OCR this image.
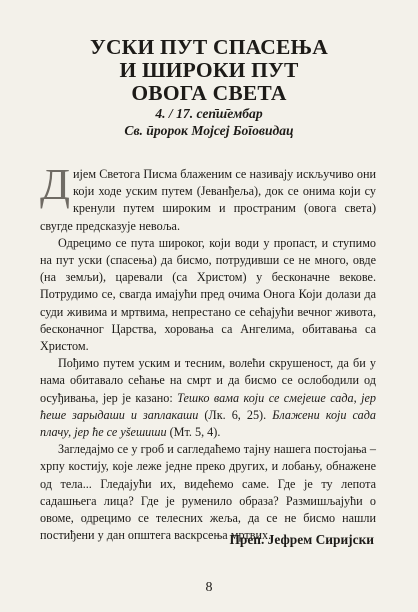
УСКИ ПУТ СПАСЕЊА
И ШИРОКИ ПУТ
ОВОГА СВЕТА
4. / 17. сеп̄ш̄ембар
Св. ӣророк Мојсеј Боīовидац

Дијем Светога Писма блаженим се називају искључиво они који ходе уским путем (Јеванђеља), док се онима који су кренули путем широким и пространим (овога света) свугде предсказује невоља.

Одрецимо се пута широког, који води у пропаст, и ступимо на пут уски (спасења) да бисмо, потрудивши се не много, овде (на земљи), царевали (са Христом) у бесконачне векове. Потрудимо се, свагда имајући пред очима Онога Који долази да суди живима и мртвима, непрестано се сећајући вечног живота, бесконачног Царства, хоровања са Ангелима, обитавања са Христом.

Пођимо путем уским и тесним, волећи скрушеност, да би у нама обитавало сећање на смрт и да бисмо се ослободили од осуђивања, јер је казано: Тешко вама који се смејеше сада, јер ћеше зарыдаши и заплакаши (Лк. 6, 25). Блажени који сада плачу, јер ће се уšешиши (Мт. 5, 4).

Загледајмо се у гроб и сагледаћемо тајну нашега постојања – хрпу костију, које леже једне преко других, и лобању, обнажене од тела... Гледајући их, видећемо саме. Где је ту лепота садашњега лица? Где је руменило образа? Размишљајући о овоме, одрецимо се телесних жеља, да се не бисмо нашли постиђени у дан општега васкрсења мртвих.

Преп. Јефрем Сиријски
8
